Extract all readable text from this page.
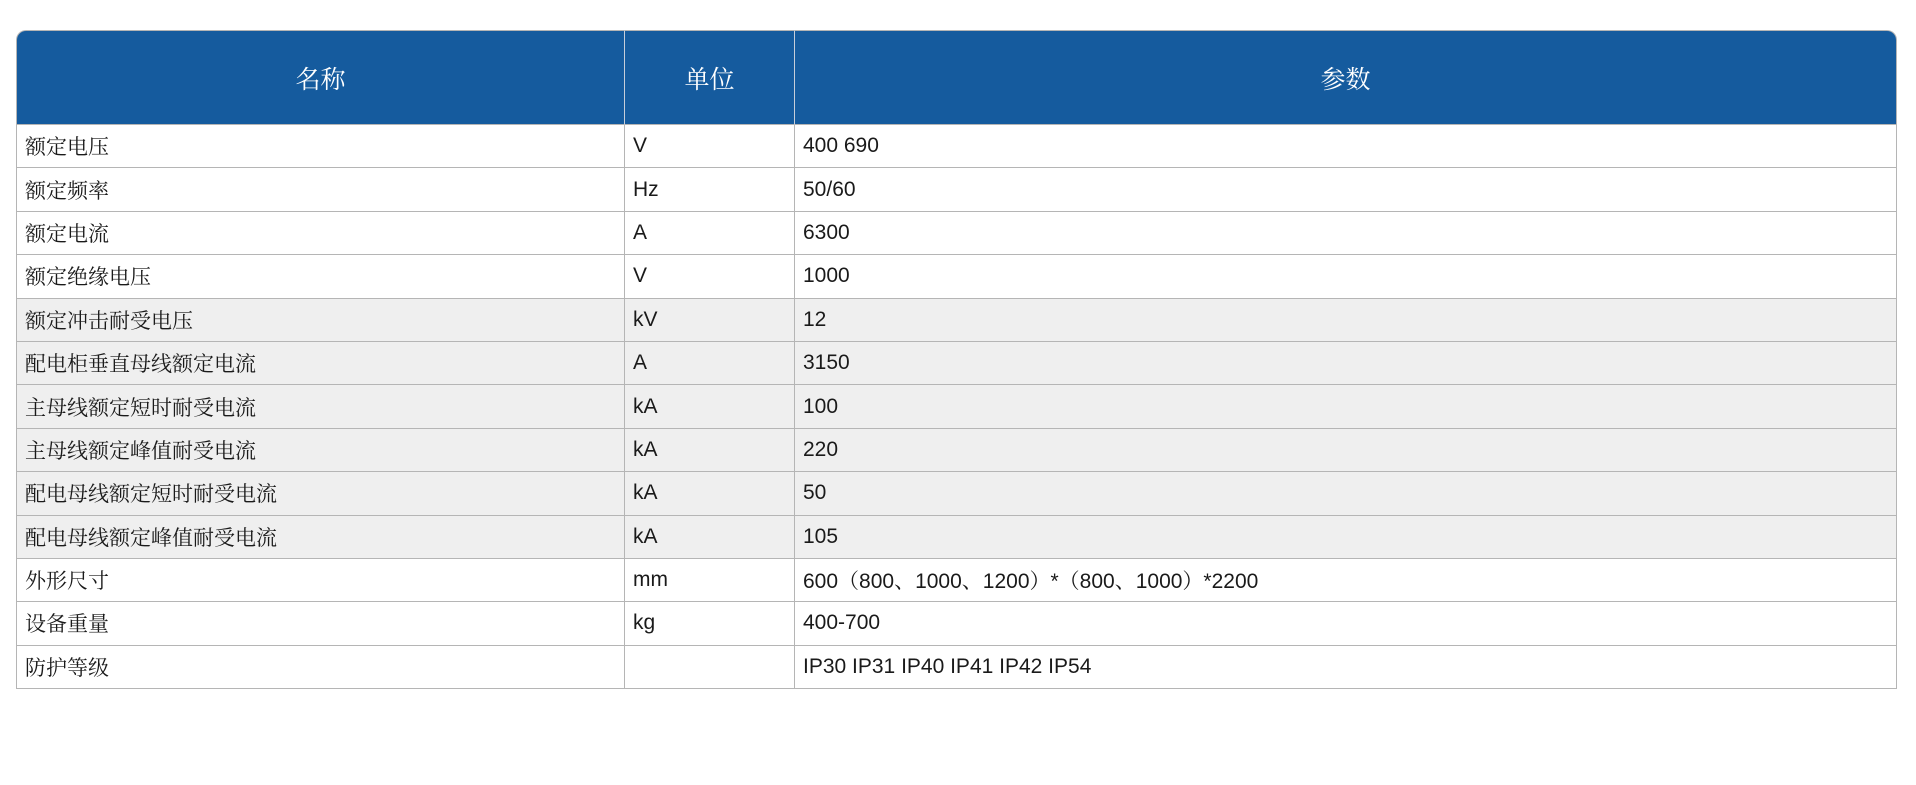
名称	单位	参数
额定电压	V	400 690
额定频率	Hz	50/60
额定电流	A	6300
额定绝缘电压	V	1000
额定冲击耐受电压	kV	12
配电柜垂直母线额定电流	A	3150
主母线额定短时耐受电流	kA	100
主母线额定峰值耐受电流	kA	220
配电母线额定短时耐受电流	kA	50
配电母线额定峰值耐受电流	kA	105
外形尺寸	mm	600（800、1000、1200）*（800、1000）*2200
设备重量	kg	400-700
防护等级		IP30 IP31 IP40 IP41 IP42 IP54
